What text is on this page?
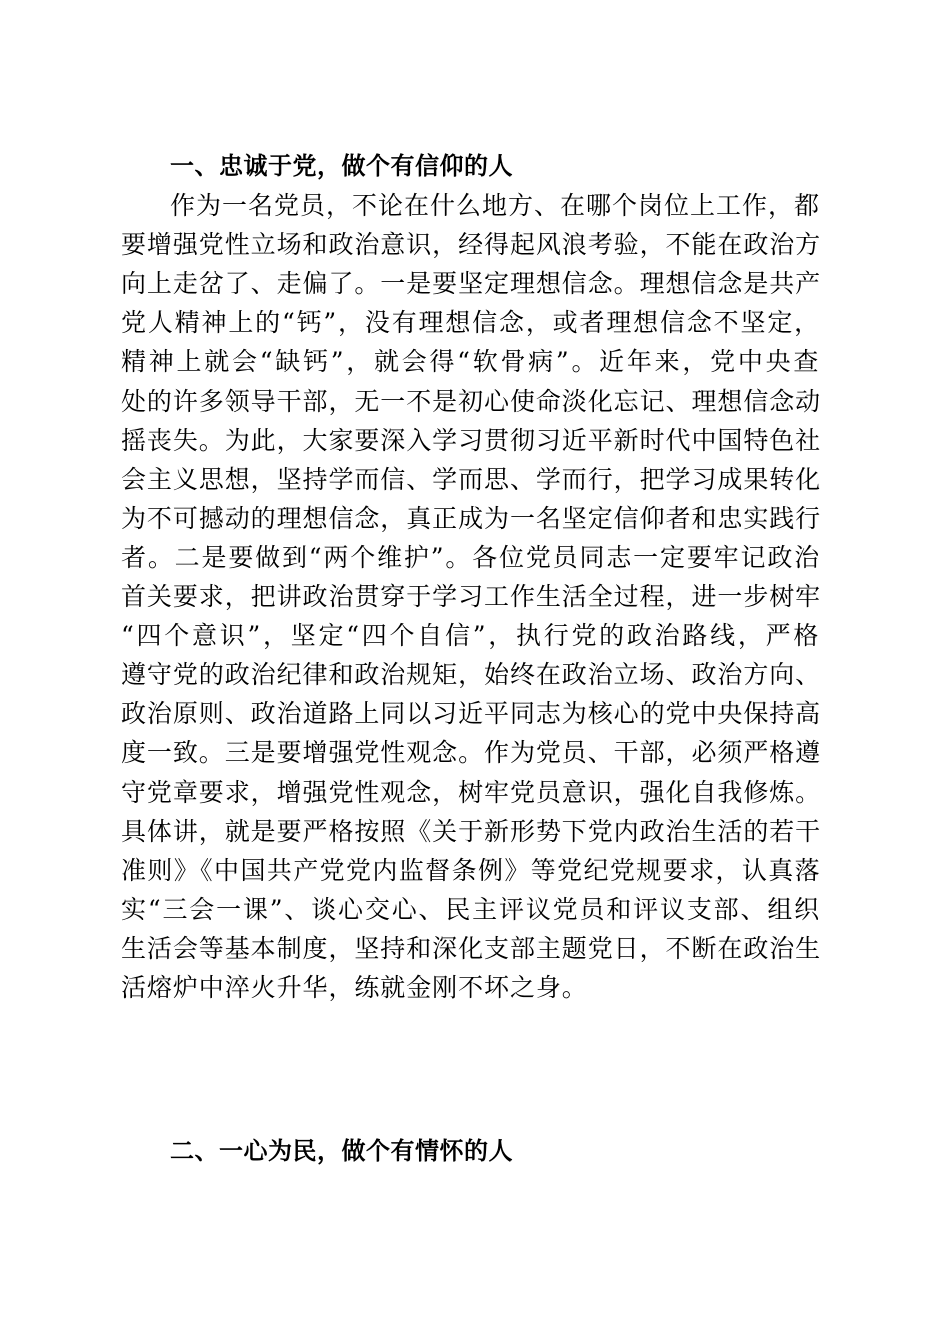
一、忠诚于党，做个有信仰的人
作为一名党员，不论在什么地方、在哪个岗位上工作，都
要增强党性立场和政治意识，经得起风浪考验，不能在政治方
向上走岔了、走偏了。一是要坚定理想信念。理想信念是共产
党人精神上的“钙”，没有理想信念，或者理想信念不坚定，
精神上就会“缺钙”，就会得“软骨病”。近年来，党中央查
处的许多领导干部，无一不是初心使命淡化忘记、理想信念动
摇丧失。为此，大家要深入学习贯彻习近平新时代中国特色社
会主义思想，坚持学而信、学而思、学而行，把学习成果转化
为不可撼动的理想信念，真正成为一名坚定信仰者和忠实践行
者。二是要做到“两个维护”。各位党员同志一定要牢记政治
首关要求，把讲政治贯穿于学习工作生活全过程，进一步树牢
“四个意识”，坚定“四个自信”，执行党的政治路线，严格
遵守党的政治纪律和政治规矩，始终在政治立场、政治方向、
政治原则、政治道路上同以习近平同志为核心的党中央保持高
度一致。三是要增强党性观念。作为党员、干部，必须严格遵
守党章要求，增强党性观念，树牢党员意识，强化自我修炼。
具体讲，就是要严格按照《关于新形势下党内政治生活的若干
准则》《中国共产党党内监督条例》等党纪党规要求，认真落
实“三会一课”、谈心交心、民主评议党员和评议支部、组织
生活会等基本制度，坚持和深化支部主题党日，不断在政治生
活熔炉中淬火升华，练就金刚不坏之身。
二、一心为民，做个有情怀的人
